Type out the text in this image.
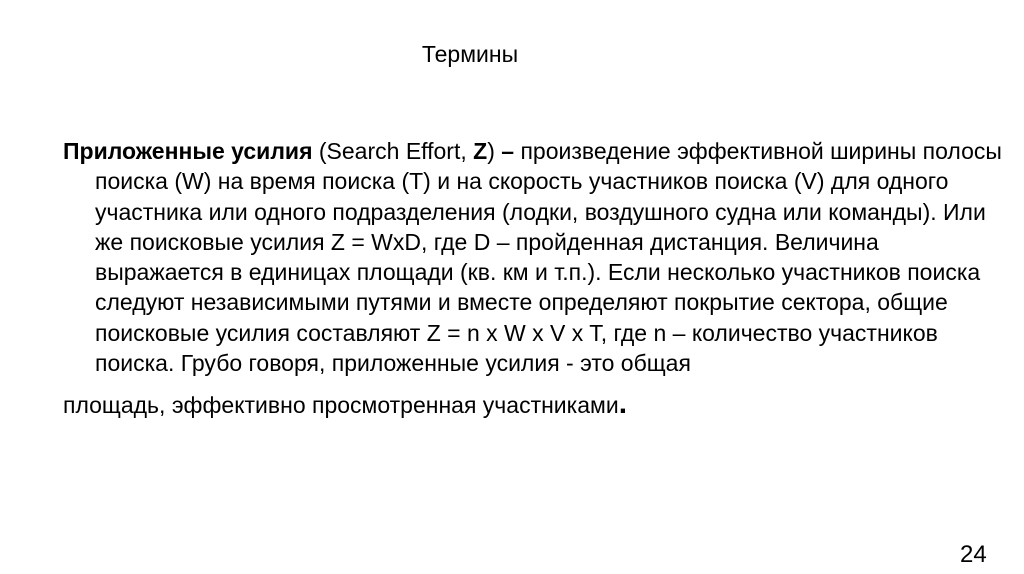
Термины

Приложенные усилия (Search Effort, Z) – произведение эффективной ширины полосы поиска (W) на время поиска (T) и на скорость участников поиска (V) для одного участника или одного подразделения (лодки, воздушного судна или команды). Или же поисковые усилия Z = WxD, где D – пройденная дистанция. Величина выражается в единицах площади (кв. км и т.п.). Если несколько участников поиска следуют независимыми путями и вместе определяют покрытие сектора, общие поисковые усилия составляют Z = n x W x V x T, где n – количество участников поиска. Грубо говоря, приложенные усилия - это общая
площадь, эффективно просмотренная участниками.

24
